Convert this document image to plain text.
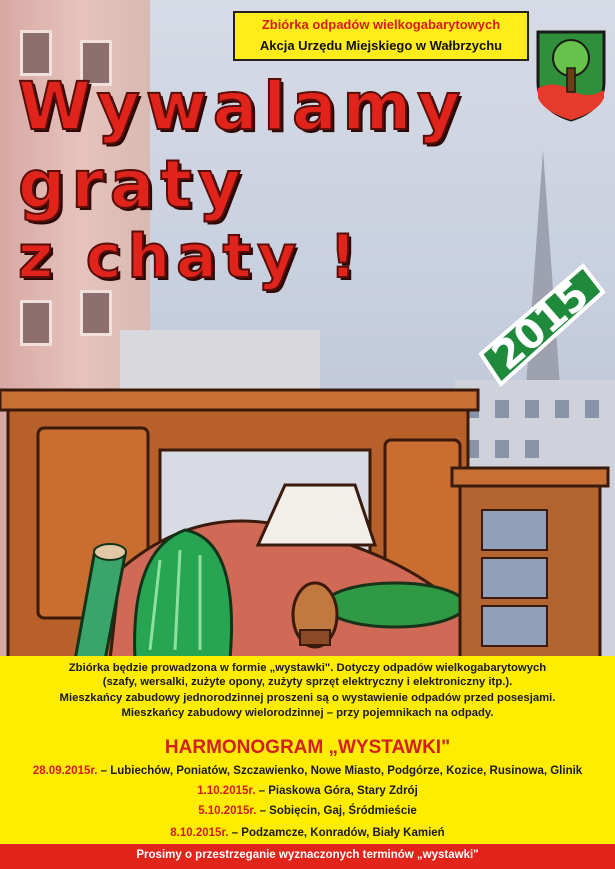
Zbiórka odpadów wielkogabarytowych
Akcja Urzędu Miejskiego w Wałbrzychu
Wywalamy
graty
z chaty !
2015
Zbiórka będzie prowadzona w formie „wystawki". Dotyczy odpadów wielkogabarytowych
(szafy, wersalki, zużyte opony, zużyty sprzęt elektryczny i elektroniczny itp.).
Mieszkańcy zabudowy jednorodzinnej proszeni są o wystawienie odpadów przed posesjami.
Mieszkańcy zabudowy wielorodzinnej – przy pojemnikach na odpady.
HARMONOGRAM „WYSTAWKI"
28.09.2015r. – Lubiechów, Poniatów, Szczawienko, Nowe Miasto, Podgórze, Kozice, Rusinowa, Glinik
1.10.2015r. – Piaskowa Góra, Stary Zdrój
5.10.2015r. – Sobięcin, Gaj, Śródmieście
8.10.2015r. – Podzamcze, Konradów, Biały Kamień
Prosimy o przestrzeganie wyznaczonych terminów „wystawki"
